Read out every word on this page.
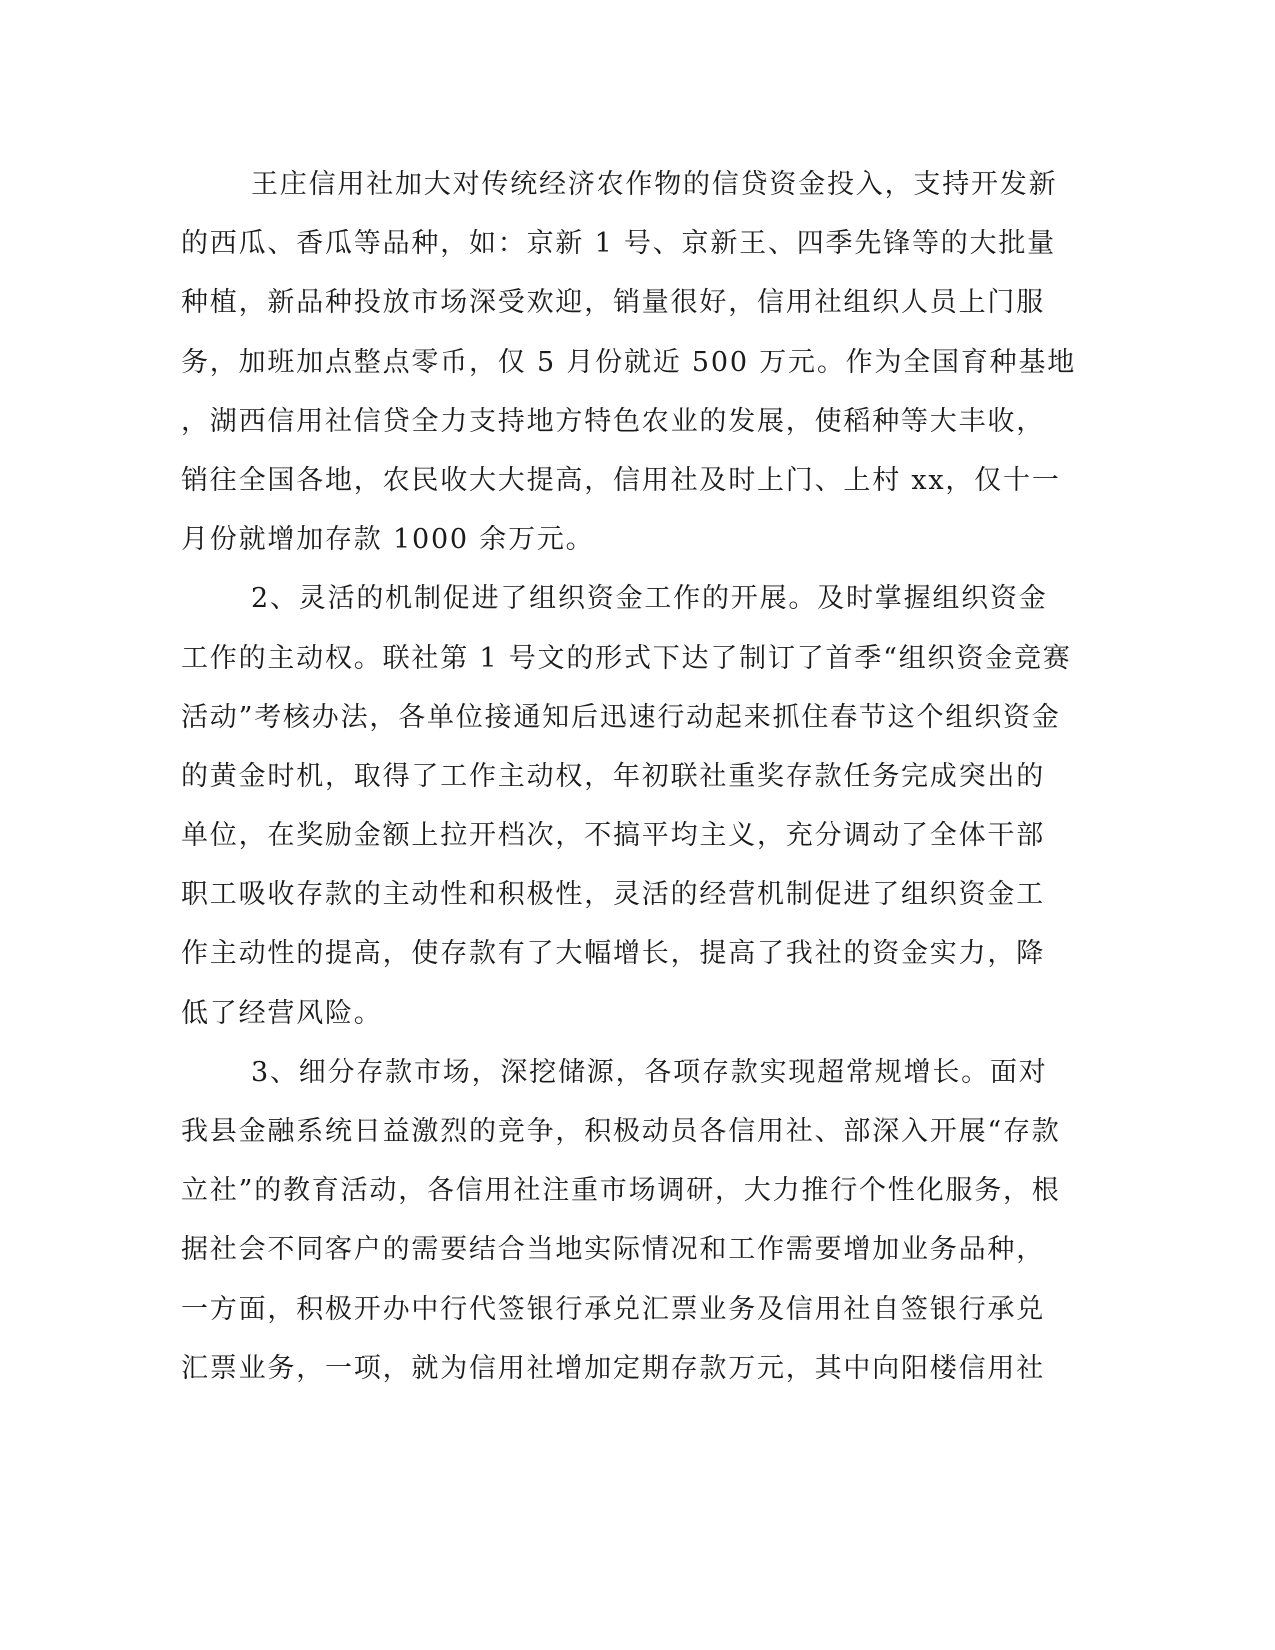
王庄信用社加大对传统经济农作物的信贷资金投入，支持开发新
的西瓜、香瓜等品种，如：京新 1 号、京新王、四季先锋等的大批量
种植，新品种投放市场深受欢迎，销量很好，信用社组织人员上门服
务，加班加点整点零币，仅 5 月份就近 500 万元。作为全国育种基地
，湖西信用社信贷全力支持地方特色农业的发展，使稻种等大丰收，
销往全国各地，农民收大大提高，信用社及时上门、上村 xx，仅十一
月份就增加存款 1000 余万元。
2、灵活的机制促进了组织资金工作的开展。及时掌握组织资金
工作的主动权。联社第 1 号文的形式下达了制订了首季“组织资金竞赛
活动”考核办法，各单位接通知后迅速行动起来抓住春节这个组织资金
的黄金时机，取得了工作主动权，年初联社重奖存款任务完成突出的
单位，在奖励金额上拉开档次，不搞平均主义，充分调动了全体干部
职工吸收存款的主动性和积极性，灵活的经营机制促进了组织资金工
作主动性的提高，使存款有了大幅增长，提高了我社的资金实力，降
低了经营风险。
3、细分存款市场，深挖储源，各项存款实现超常规增长。面对
我县金融系统日益激烈的竞争，积极动员各信用社、部深入开展“存款
立社”的教育活动，各信用社注重市场调研，大力推行个性化服务，根
据社会不同客户的需要结合当地实际情况和工作需要增加业务品种，
一方面，积极开办中行代签银行承兑汇票业务及信用社自签银行承兑
汇票业务，一项，就为信用社增加定期存款万元，其中向阳楼信用社
